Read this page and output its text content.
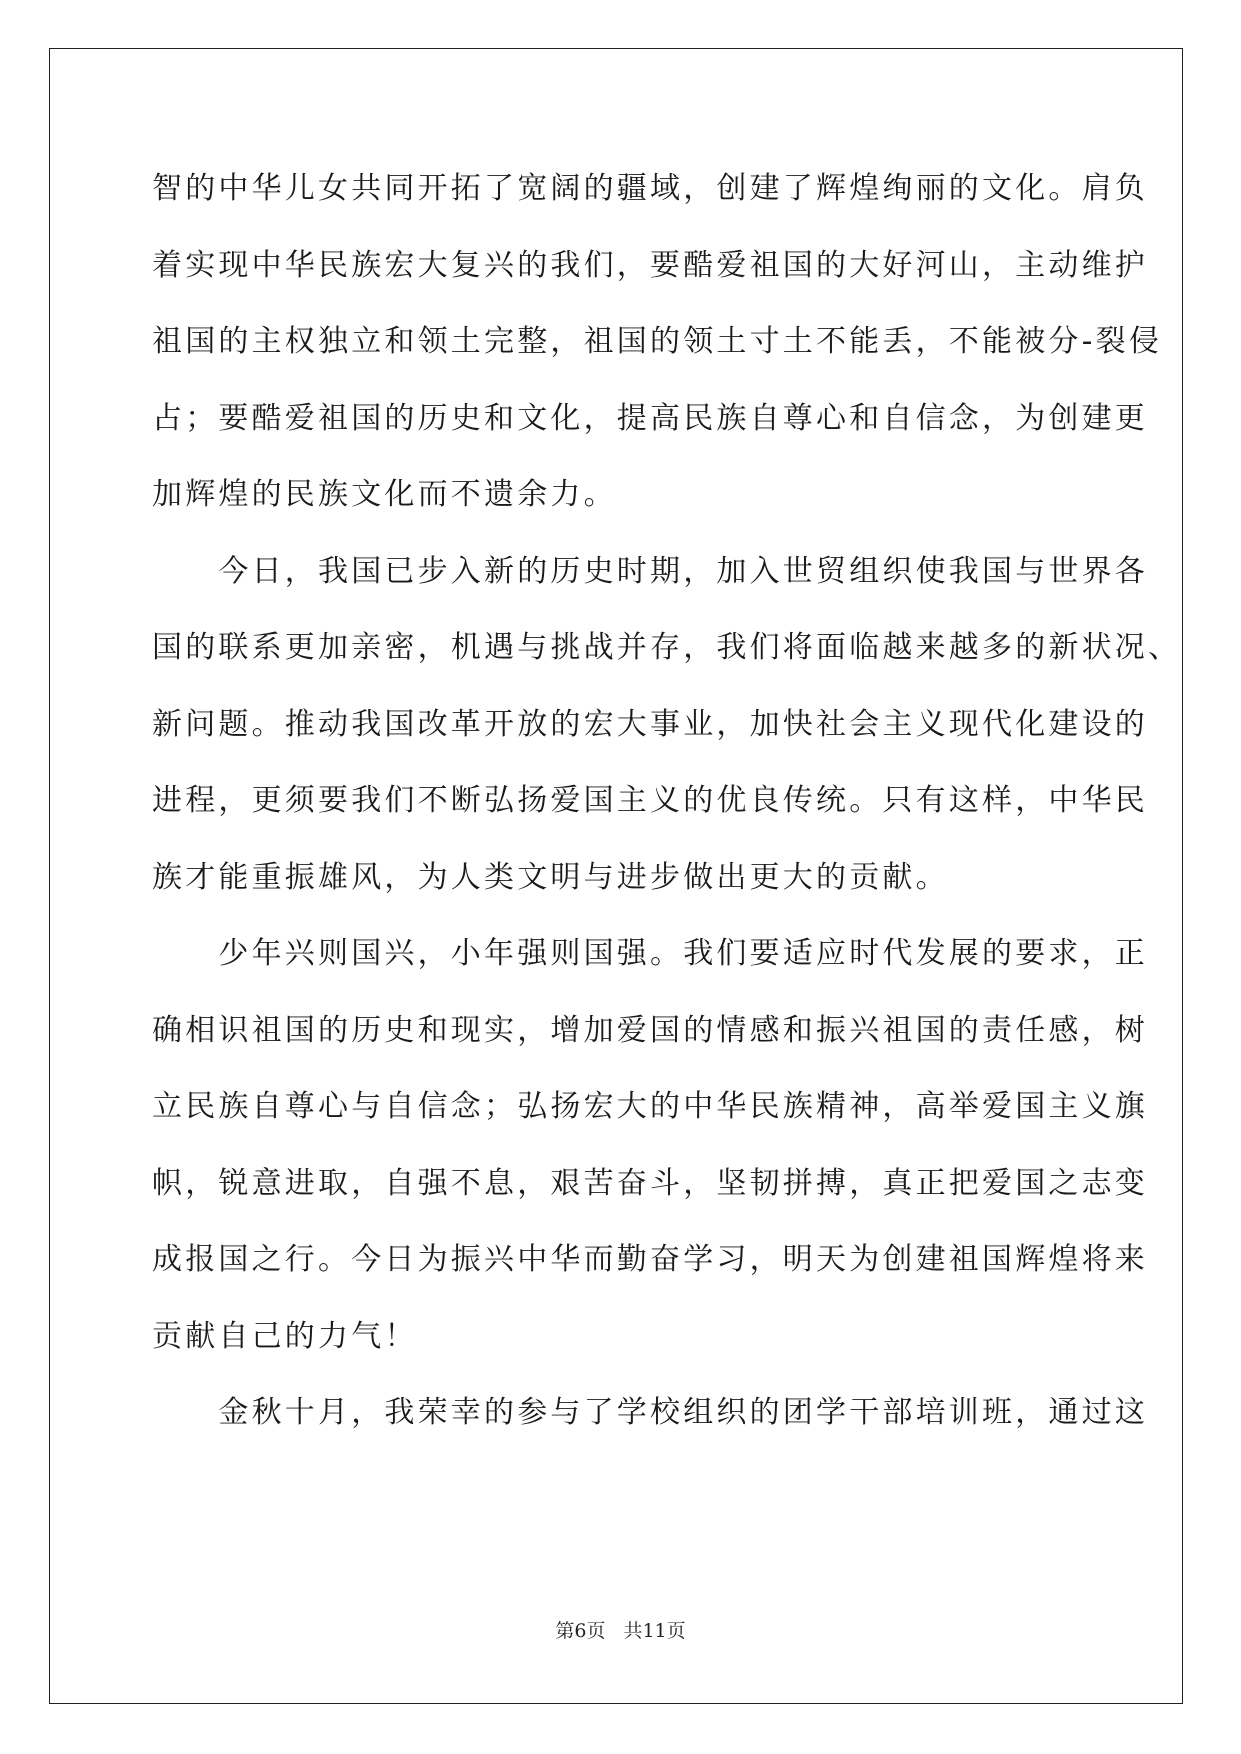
智的中华儿女共同开拓了宽阔的疆域，创建了辉煌绚丽的文化。肩负
着实现中华民族宏大复兴的我们，要酷爱祖国的大好河山，主动维护
祖国的主权独立和领土完整，祖国的领土寸土不能丢，不能被分-裂侵
占；要酷爱祖国的历史和文化，提高民族自尊心和自信念，为创建更
加辉煌的民族文化而不遗余力。
　　今日，我国已步入新的历史时期，加入世贸组织使我国与世界各
国的联系更加亲密，机遇与挑战并存，我们将面临越来越多的新状况、
新问题。推动我国改革开放的宏大事业，加快社会主义现代化建设的
进程，更须要我们不断弘扬爱国主义的优良传统。只有这样，中华民
族才能重振雄风，为人类文明与进步做出更大的贡献。
　　少年兴则国兴，小年强则国强。我们要适应时代发展的要求，正
确相识祖国的历史和现实，增加爱国的情感和振兴祖国的责任感，树
立民族自尊心与自信念；弘扬宏大的中华民族精神，高举爱国主义旗
帜，锐意进取，自强不息，艰苦奋斗，坚韧拼搏，真正把爱国之志变
成报国之行。今日为振兴中华而勤奋学习，明天为创建祖国辉煌将来
贡献自己的力气！
　　金秋十月，我荣幸的参与了学校组织的团学干部培训班，通过这
第6页 共11页
